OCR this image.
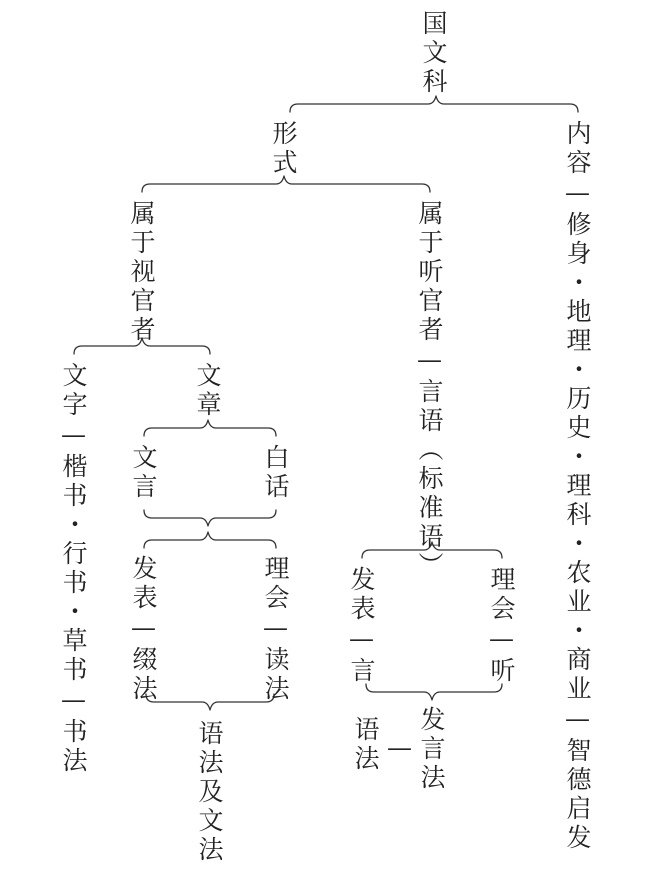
国文科
形式	内容—修身・地理・历史・理科・农业・商业—智德启发
属于视官者	属于听官者—言语（标准语）
文字—楷书・行书・草书—书法	文章
文言	白话
发表—缀法	理会—读法
语法及文法
发表—言	理会—听
发言法
语法 —
